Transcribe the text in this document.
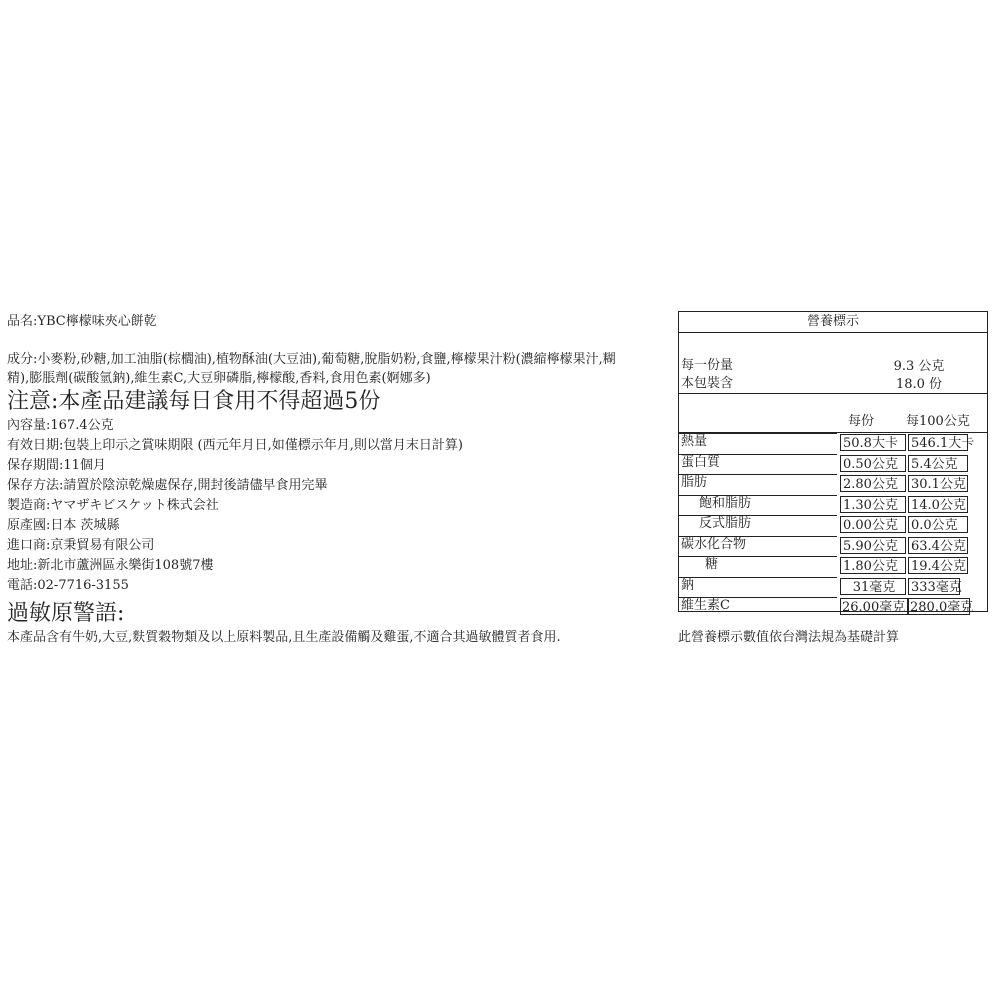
品名:YBC檸檬味夾心餅乾
成分:小麥粉,砂糖,加工油脂(棕櫚油),植物酥油(大豆油),葡萄糖,脫脂奶粉,食鹽,檸檬果汁粉(濃縮檸檬果汁,糊精),膨脹劑(碳酸氫鈉),維生素C,大豆卵磷脂,檸檬酸,香料,食用色素(婀娜多)
注意:本產品建議每日食用不得超過5份
內容量:167.4公克
有效日期:包裝上印示之賞味期限 (西元年月日,如僅標示年月,則以當月末日計算)
保存期間:11個月
保存方法:請置於陰涼乾燥處保存,開封後請儘早食用完畢
製造商:ヤマザキビスケット株式会社
原產國:日本 茨城縣
進口商:京秉貿易有限公司
地址:新北市蘆洲區永樂街108號7樓
電話:02-7716-3155
過敏原警語:
本產品含有牛奶,大豆,麩質穀物類及以上原料製品,且生產設備觸及雞蛋,不適合其過敏體質者食用.
營養標示
每一份量	9.3 公克
本包裝含	18.0 份
每份 每100公克
熱量	50.8大卡	546.1大卡
蛋白質	0.50公克	5.4公克
脂肪	2.80公克	30.1公克
飽和脂肪	1.30公克	14.0公克
反式脂肪	0.00公克	0.0公克
碳水化合物	5.90公克	63.4公克
糖	1.80公克	19.4公克
鈉	31毫克	333毫克
維生素C	26.00毫克 280.0毫克
此營養標示數值依台灣法規為基礎計算
